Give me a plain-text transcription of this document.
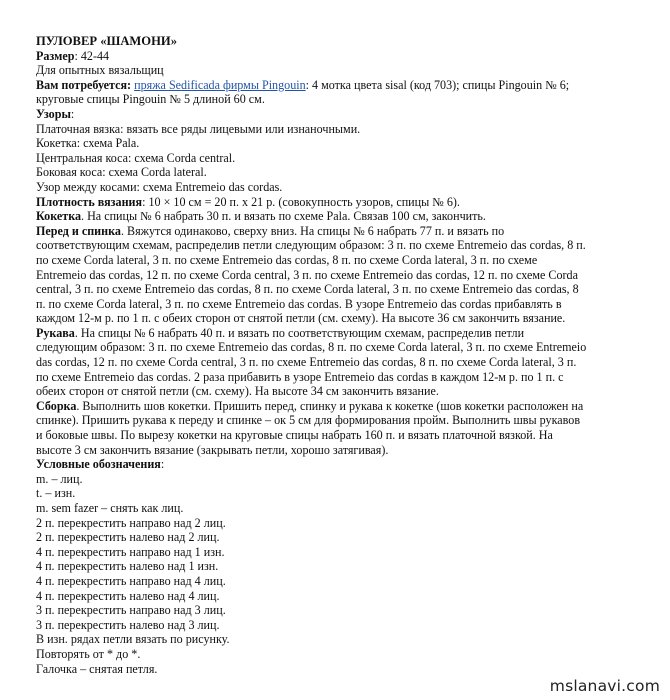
ПУЛОВЕР «ШАМОНИ»
Размер: 42-44
Для опытных вязальщиц
Вам потребуется: пряжа Sedificada фирмы Pingouin: 4 мотка цвета sisal (код 703); спицы Pingouin № 6;
круговые спицы Pingouin № 5 длиной 60 см.
Узоры:
Платочная вязка: вязать все ряды лицевыми или изнаночными.
Кокетка: схема Pala.
Центральная коса: схема Corda central.
Боковая коса: схема Corda lateral.
Узор между косами: схема Entremeio das cordas.
Плотность вязания: 10 × 10 см = 20 п. х 21 р. (совокупность узоров, спицы № 6).
Кокетка. На спицы № 6 набрать 30 п. и вязать по схеме Pala. Связав 100 см, закончить.
Перед и спинка. Вяжутся одинаково, сверху вниз. На спицы № 6 набрать 77 п. и вязать по
соответствующим схемам, распределив петли следующим образом: 3 п. по схеме Entremeio das cordas, 8 п.
по схеме Corda lateral, 3 п. по схеме Entremeio das cordas, 8 п. по схеме Corda lateral, 3 п. по схеме
Entremeio das cordas, 12 п. по схеме Corda central, 3 п. по схеме Entremeio das cordas, 12 п. по схеме Corda
central, 3 п. по схеме Entremeio das cordas, 8 п. по схеме Corda lateral, 3 п. по схеме Entremeio das cordas, 8
п. по схеме Corda lateral, 3 п. по схеме Entremeio das cordas. В узоре Entremeio das cordas прибавлять в
каждом 12-м р. по 1 п. с обеих сторон от снятой петли (см. схему). На высоте 36 см закончить вязание.
Рукава. На спицы № 6 набрать 40 п. и вязать по соответствующим схемам, распределив петли
следующим образом: 3 п. по схеме Entremeio das cordas, 8 п. по схеме Corda lateral, 3 п. по схеме Entremeio
das cordas, 12 п. по схеме Corda central, 3 п. по схеме Entremeio das cordas, 8 п. по схеме Corda lateral, 3 п.
по схеме Entremeio das cordas. 2 раза прибавить в узоре Entremeio das cordas в каждом 12-м р. по 1 п. с
обеих сторон от снятой петли (см. схему). На высоте 34 см закончить вязание.
Сборка. Выполнить шов кокетки. Пришить перед, спинку и рукава к кокетке (шов кокетки расположен на
спинке). Пришить рукава к переду и спинке – ок 5 см для формирования пройм. Выполнить швы рукавов
и боковые швы. По вырезу кокетки на круговые спицы набрать 160 п. и вязать платочной вязкой. На
высоте 3 см закончить вязание (закрывать петли, хорошо затягивая).
Условные обозначения:
m. – лиц.
t. – изн.
m. sem fazer – снять как лиц.
2 п. перекрестить направо над 2 лиц.
2 п. перекрестить налево над 2 лиц.
4 п. перекрестить направо над 1 изн.
4 п. перекрестить налево над 1 изн.
4 п. перекрестить направо над 4 лиц.
4 п. перекрестить налево над 4 лиц.
3 п. перекрестить направо над 3 лиц.
3 п. перекрестить налево над 3 лиц.
В изн. рядах петли вязать по рисунку.
Повторять от * до *.
Галочка – снятая петля.
mslanavi.com
